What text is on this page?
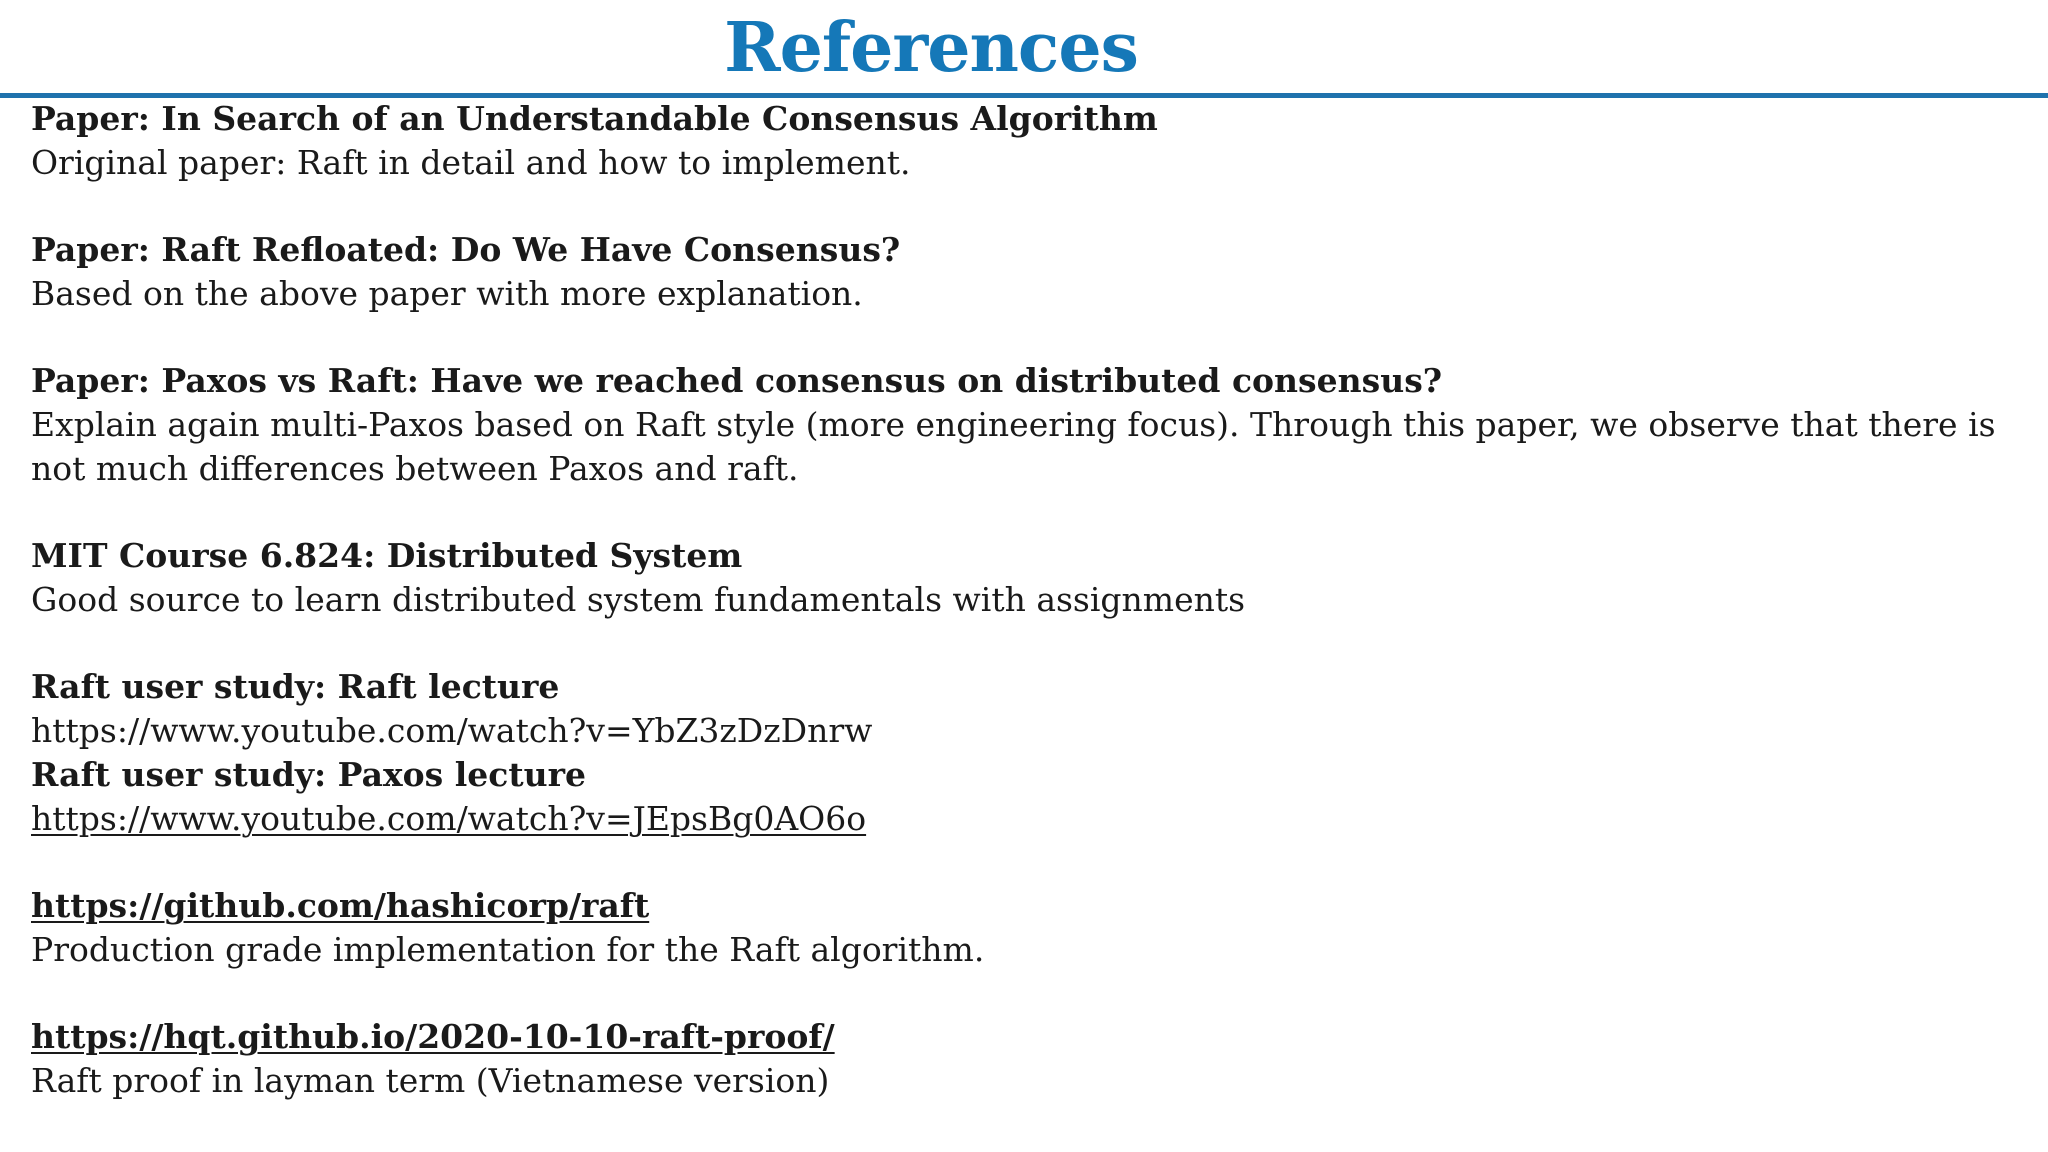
References

Paper: In Search of an Understandable Consensus Algorithm

Original paper: Raft in detail and how to implement.

Paper: Raft Refloated: Do We Have Consensus?

Based on the above paper with more explanation.

Paper: Paxos vs Raft: Have we reached consensus on distributed consensus?

Explain again multi-Paxos based on Raft style (more engineering focus). Through this paper, we observe that there is not much differences between Paxos and raft.

MIT Course 6.824: Distributed System

Good source to learn distributed system fundamentals with assignments

Raft user study: Raft lecture

https://www.youtube.com/watch?v=YbZ3zDzDnrw

Raft user study: Paxos lecture

https://www.youtube.com/watch?v=JEpsBg0AO6o

https://github.com/hashicorp/raft

Production grade implementation for the Raft algorithm.

https://hqt.github.io/2020-10-10-raft-proof/

Raft proof in layman term (Vietnamese version)
